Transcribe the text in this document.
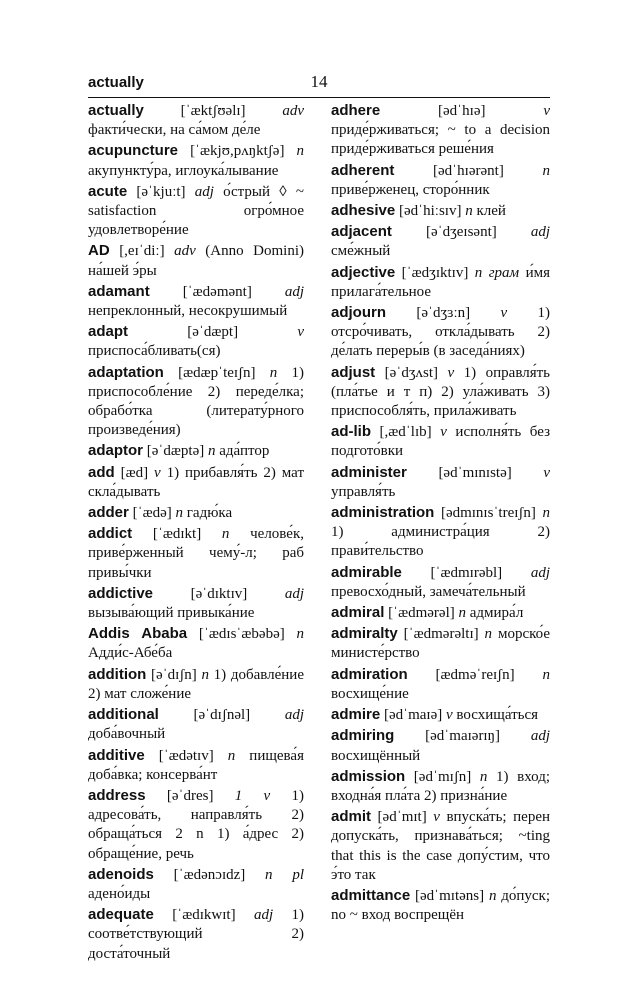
actually	14

actually [ˈæktʃʊəlɪ] adv факти́чески, на са́мом де́ле

acupuncture [ˈækjʊ,pʌŋktʃə] n акупункту́ра, иглоука́лывание

acute [əˈkjuːt] adj о́стрый ◊ ~ satisfaction огро́мное удовлетворе́ние

AD [,eɪˈdiː] adv (Anno Domini) на́шей э́ры

adamant [ˈædəmənt] adj непреклонный, несокрушимый

adapt [əˈdæpt] v приспоса́бливать(ся)

adaptation [ædæpˈteɪʃn] n 1) приспособле́ние 2) переде́лка; обрабо́тка (литерату́рного произведе́ния)

adaptor [əˈdæptə] n ада́птор

add [æd] v 1) прибавля́ть 2) мат скла́дывать

adder [ˈædə] n гадю́ка

addict [ˈædɪkt] n челове́к, приве́рженный чему́-л; раб привы́чки

addictive [əˈdɪktɪv] adj вызыва́ющий привыка́ние

Addis Ababa [ˈædɪsˈæbəbə] n Адди́с-Абе́ба

addition [əˈdɪʃn] n 1) добавле́ние 2) мат сложе́ние

additional [əˈdɪʃnəl] adj доба́вочный

additive [ˈædətɪv] n пищева́я доба́вка; консерва́нт

address [əˈdres] 1 v 1) адресова́ть, направля́ть 2) обраща́ться 2 n 1) а́дрес 2) обраще́ние, речь

adenoids [ˈædənɔɪdz] n pl адено́иды

adequate [ˈædɪkwɪt] adj 1) соотве́тствующий 2) доста́точный

adhere [ədˈhɪə] v приде́рживаться; ~ to a decision приде́рживаться реше́ния

adherent [ədˈhɪərənt] n приве́рженец, сторо́нник

adhesive [ədˈhiːsɪv] n клей

adjacent [əˈdʒeɪsənt] adj сме́жный

adjective [ˈædʒɪktɪv] n грам и́мя прилага́тельное

adjourn [əˈdʒɜːn] v 1) отсро́чивать, откла́дывать 2) де́лать переры́в (в заседа́ниях)

adjust [əˈdʒʌst] v 1) оправля́ть (пла́тье и т п) 2) ула́живать 3) приспособля́ть, прила́живать

ad-lib [,ædˈlɪb] v исполня́ть без подгото́вки

administer [ədˈmɪnɪstə] v управля́ть

administration [ədmɪnɪsˈtreɪʃn] n 1) администра́ция 2) прави́тельство

admirable [ˈædmɪrəbl] adj превосхо́дный, замеча́тельный

admiral [ˈædmərəl] n адмира́л

admiralty [ˈædmərəltɪ] n морско́е министе́рство

admiration [ædməˈreɪʃn] n восхище́ние

admire [ədˈmaɪə] v восхища́ться

admiring [ədˈmaɪərɪŋ] adj восхищённый

admission [ədˈmɪʃn] n 1) вход; входна́я пла́та 2) призна́ние

admit [ədˈmɪt] v впуска́ть; перен допуска́ть, признава́ться; ~ting that this is the case допу́стим, что э́то так

admittance [ədˈmɪtəns] n до́пуск; no ~ вход воспрещён
